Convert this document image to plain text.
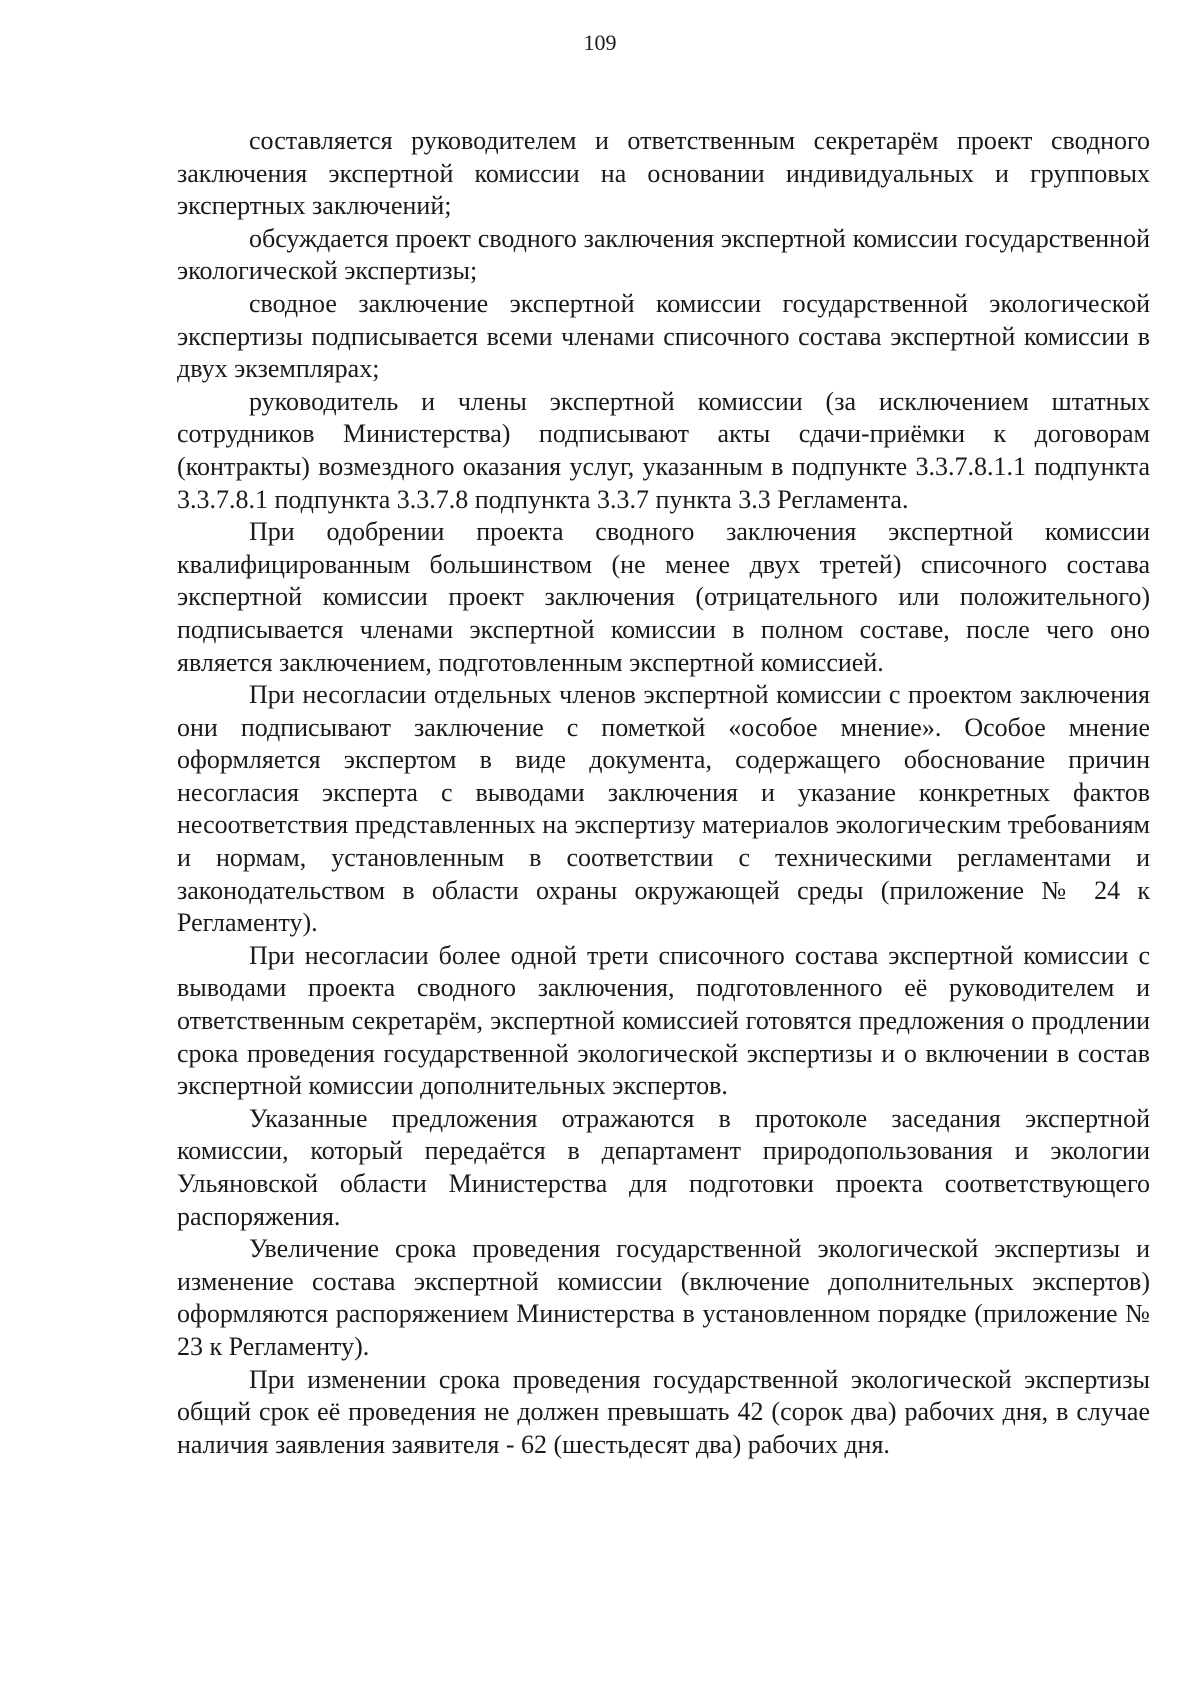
109

составляется руководителем и ответственным секретарём проект сводного заключения экспертной комиссии на основании индивидуальных и групповых экспертных заключений;

обсуждается проект сводного заключения экспертной комиссии государственной экологической экспертизы;

сводное заключение экспертной комиссии государственной экологической экспертизы подписывается всеми членами списочного состава экспертной комиссии в двух экземплярах;

руководитель и члены экспертной комиссии (за исключением штатных сотрудников Министерства) подписывают акты сдачи-приёмки к договорам (контракты) возмездного оказания услуг, указанным в подпункте 3.3.7.8.1.1 подпункта 3.3.7.8.1 подпункта 3.3.7.8 подпункта 3.3.7 пункта 3.3 Регламента.

При одобрении проекта сводного заключения экспертной комиссии квалифицированным большинством (не менее двух третей) списочного состава экспертной комиссии проект заключения (отрицательного или положительного) подписывается членами экспертной комиссии в полном составе, после чего оно является заключением, подготовленным экспертной комиссией.

При несогласии отдельных членов экспертной комиссии с проектом заключения они подписывают заключение с пометкой «особое мнение». Особое мнение оформляется экспертом в виде документа, содержащего обоснование причин несогласия эксперта с выводами заключения и указание конкретных фактов несоответствия представленных на экспертизу материалов экологическим требованиям и нормам, установленным в соответствии с техническими регламентами и законодательством в области охраны окружающей среды (приложение № 24 к Регламенту).

При несогласии более одной трети списочного состава экспертной комиссии с выводами проекта сводного заключения, подготовленного её руководителем и ответственным секретарём, экспертной комиссией готовятся предложения о продлении срока проведения государственной экологической экспертизы и о включении в состав экспертной комиссии дополнительных экспертов.

Указанные предложения отражаются в протоколе заседания экспертной комиссии, который передаётся в департамент природопользования и экологии Ульяновской области Министерства для подготовки проекта соответствующего распоряжения.

Увеличение срока проведения государственной экологической экспертизы и изменение состава экспертной комиссии (включение дополнительных экспертов) оформляются распоряжением Министерства в установленном порядке (приложение № 23 к Регламенту).

При изменении срока проведения государственной экологической экспертизы общий срок её проведения не должен превышать 42 (сорок два) рабочих дня, в случае наличия заявления заявителя - 62 (шестьдесят два) рабочих дня.
